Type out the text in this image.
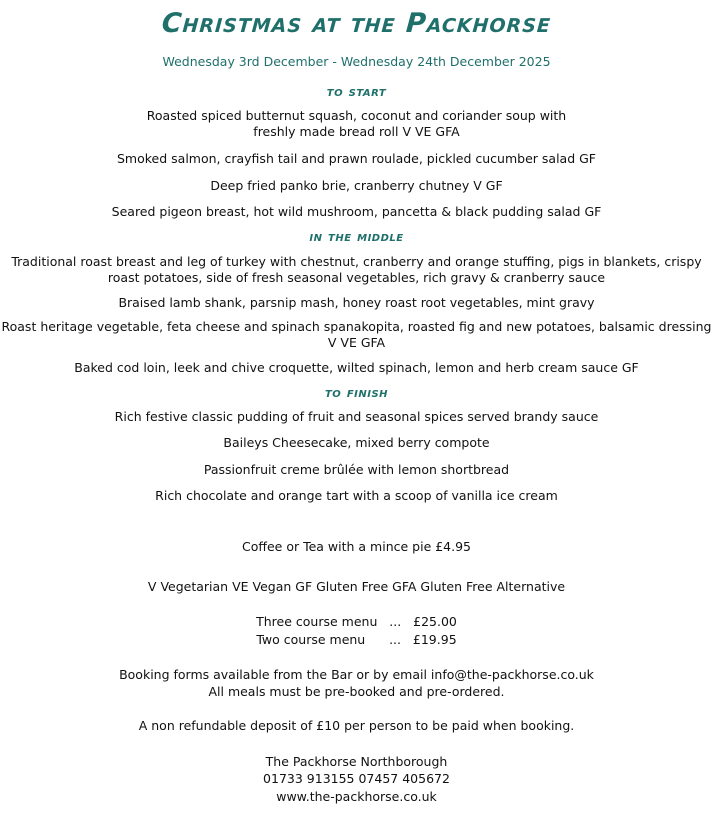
Christmas at the Packhorse
Wednesday 3rd December - Wednesday 24th December 2025
to start
Roasted spiced butternut squash, coconut and coriander soup with
freshly made bread roll V VE GFA
Smoked salmon, crayfish tail and prawn roulade, pickled cucumber salad GF
Deep fried panko brie, cranberry chutney V GF
Seared pigeon breast, hot wild mushroom, pancetta & black pudding salad GF
in the middle
Traditional roast breast and leg of turkey with chestnut, cranberry and orange stuffing, pigs in blankets, crispy
roast potatoes, side of fresh seasonal vegetables, rich gravy & cranberry sauce
Braised lamb shank, parsnip mash, honey roast root vegetables, mint gravy
Roast heritage vegetable, feta cheese and spinach spanakopita, roasted fig and new potatoes, balsamic dressing
V VE GFA
Baked cod loin, leek and chive croquette, wilted spinach, lemon and herb cream sauce GF
to finish
Rich festive classic pudding of fruit and seasonal spices served brandy sauce
Baileys Cheesecake, mixed berry compote
Passionfruit creme brûlée with lemon shortbread
Rich chocolate and orange tart with a scoop of vanilla ice cream
Coffee or Tea with a mince pie £4.95
V Vegetarian VE Vegan GF Gluten Free GFA Gluten Free Alternative
Three course menu   ...   £25.00
Two course menu      ...   £19.95
Booking forms available from the Bar or by email info@the-packhorse.co.uk
All meals must be pre-booked and pre-ordered.
A non refundable deposit of £10 per person to be paid when booking.
The Packhorse Northborough
01733 913155 07457 405672
www.the-packhorse.co.uk
